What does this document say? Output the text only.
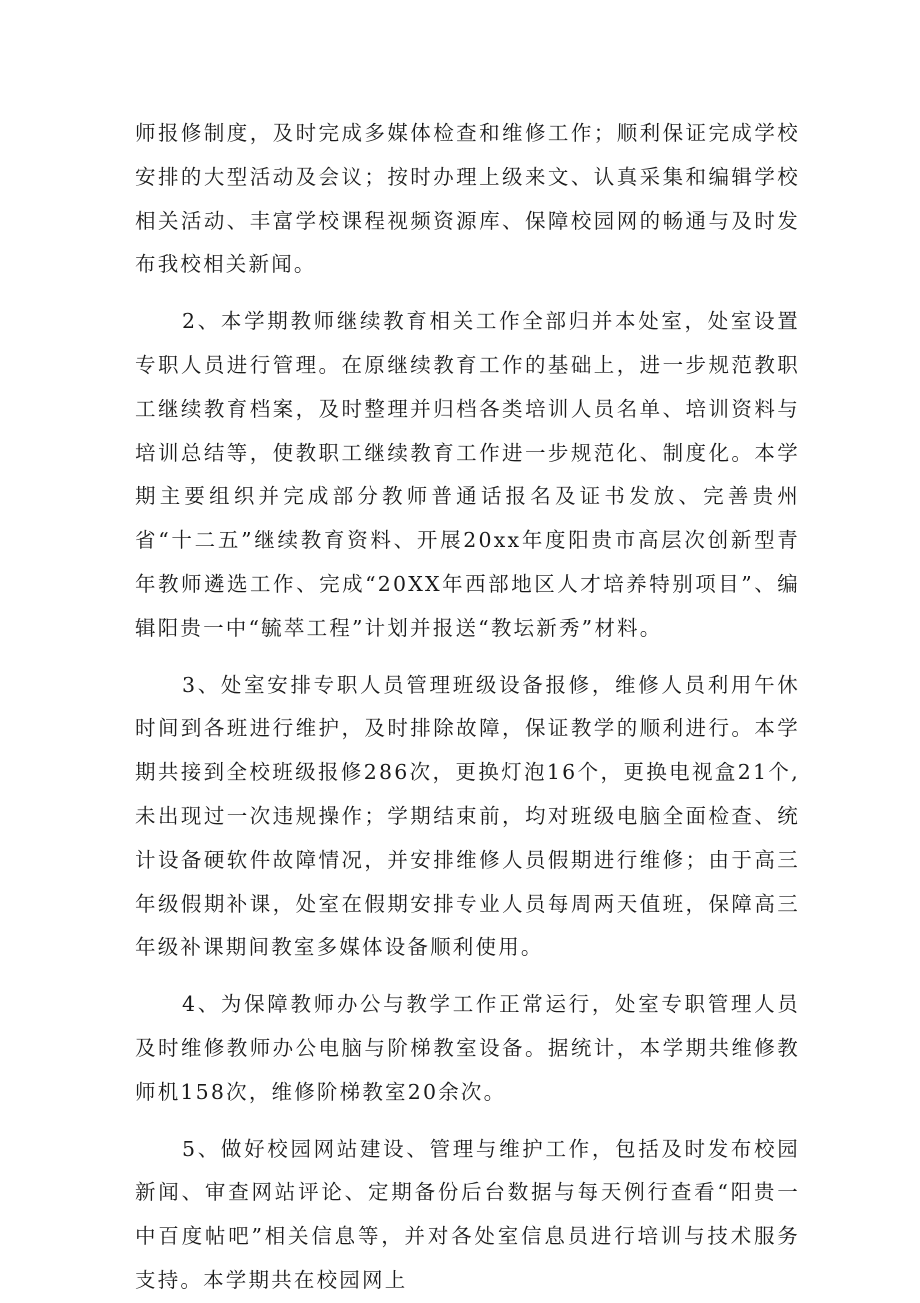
师报修制度，及时完成多媒体检查和维修工作；顺利保证完成学校安排的大型活动及会议；按时办理上级来文、认真采集和编辑学校相关活动、丰富学校课程视频资源库、保障校园网的畅通与及时发布我校相关新闻。

2、本学期教师继续教育相关工作全部归并本处室，处室设置专职人员进行管理。在原继续教育工作的基础上，进一步规范教职工继续教育档案，及时整理并归档各类培训人员名单、培训资料与培训总结等，使教职工继续教育工作进一步规范化、制度化。本学期主要组织并完成部分教师普通话报名及证书发放、完善贵州省“十二五”继续教育资料、开展20xx年度阳贵市高层次创新型青年教师遴选工作、完成“20XX年西部地区人才培养特别项目”、编辑阳贵一中“毓萃工程”计划并报送“教坛新秀”材料。

3、处室安排专职人员管理班级设备报修，维修人员利用午休时间到各班进行维护，及时排除故障，保证教学的顺利进行。本学期共接到全校班级报修286次，更换灯泡16个，更换电视盒21个,未出现过一次违规操作；学期结束前，均对班级电脑全面检查、统计设备硬软件故障情况，并安排维修人员假期进行维修；由于高三年级假期补课，处室在假期安排专业人员每周两天值班，保障高三年级补课期间教室多媒体设备顺利使用。

4、为保障教师办公与教学工作正常运行，处室专职管理人员及时维修教师办公电脑与阶梯教室设备。据统计，本学期共维修教师机158次，维修阶梯教室20余次。

5、做好校园网站建设、管理与维护工作，包括及时发布校园新闻、审查网站评论、定期备份后台数据与每天例行查看“阳贵一中百度帖吧”相关信息等，并对各处室信息员进行培训与技术服务支持。本学期共在校园网上
